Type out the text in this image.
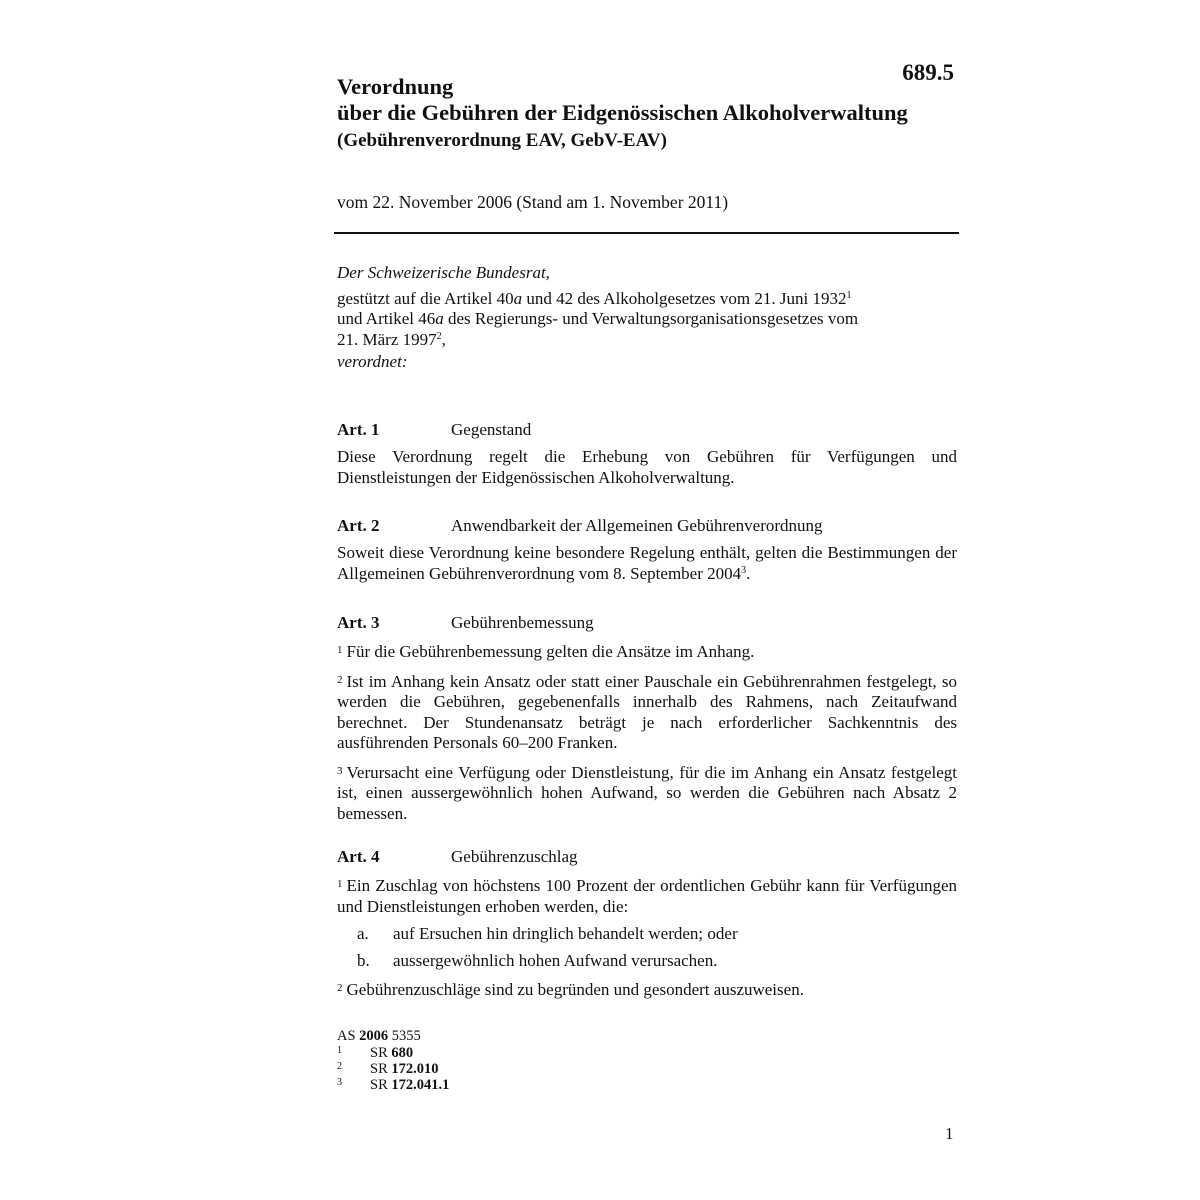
689.5
Verordnung
über die Gebühren der Eidgenössischen Alkoholverwaltung
(Gebührenverordnung EAV, GebV-EAV)
vom 22. November 2006 (Stand am 1. November 2011)

Der Schweizerische Bundesrat,

gestützt auf die Artikel 40a und 42 des Alkoholgesetzes vom 21. Juni 1932$^1$
und Artikel 46a des Regierungs- und Verwaltungsorganisationsgesetzes vom
21. März 1997$^2$,

verordnet:

Art. 1	Gegenstand

Diese Verordnung regelt die Erhebung von Gebühren für Verfügungen und Dienstleistungen der Eidgenössischen Alkoholverwaltung.

Art. 2	Anwendbarkeit der Allgemeinen Gebührenverordnung

Soweit diese Verordnung keine besondere Regelung enthält, gelten die Bestimmungen der Allgemeinen Gebührenverordnung vom 8. September 2004$^3$.

Art. 3	Gebührenbemessung

$^1$ Für die Gebührenbemessung gelten die Ansätze im Anhang.

$^2$ Ist im Anhang kein Ansatz oder statt einer Pauschale ein Gebührenrahmen festgelegt, so werden die Gebühren, gegebenenfalls innerhalb des Rahmens, nach Zeitaufwand berechnet. Der Stundenansatz beträgt je nach erforderlicher Sachkenntnis des ausführenden Personals 60–200 Franken.

$^3$ Verursacht eine Verfügung oder Dienstleistung, für die im Anhang ein Ansatz festgelegt ist, einen aussergewöhnlich hohen Aufwand, so werden die Gebühren nach Absatz 2 bemessen.

Art. 4	Gebührenzuschlag

$^1$ Ein Zuschlag von höchstens 100 Prozent der ordentlichen Gebühr kann für Verfügungen und Dienstleistungen erhoben werden, die:

a.	auf Ersuchen hin dringlich behandelt werden; oder
b.	aussergewöhnlich hohen Aufwand verursachen.

$^2$ Gebührenzuschläge sind zu begründen und gesondert auszuweisen.

AS 2006 5355
1	SR 680
2	SR 172.010
3	SR 172.041.1
1
